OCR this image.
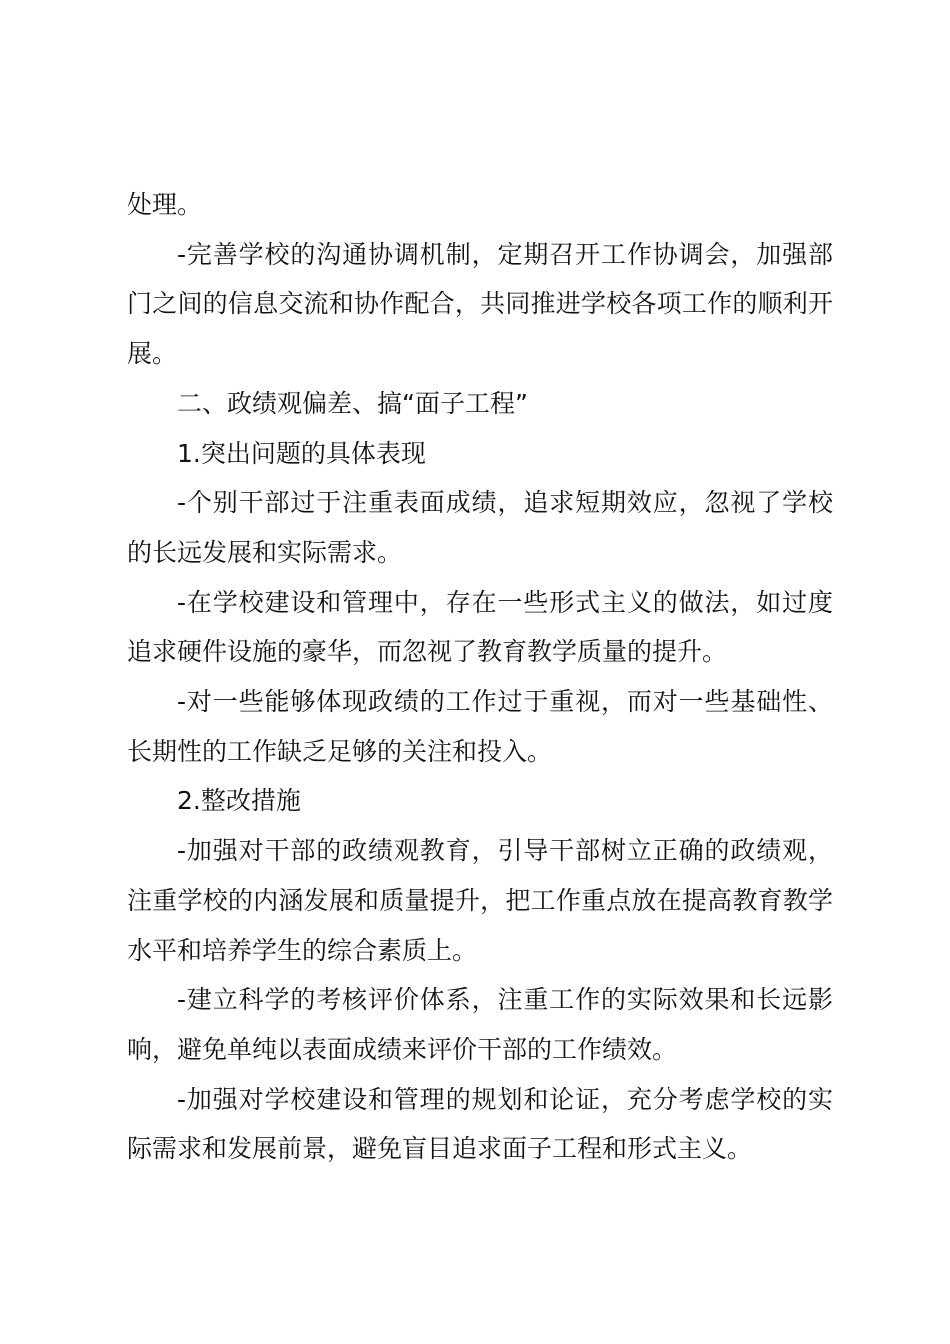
处理。

-完善学校的沟通协调机制，定期召开工作协调会，加强部门之间的信息交流和协作配合，共同推进学校各项工作的顺利开展。

二、政绩观偏差、搞“面子工程”

1.突出问题的具体表现

-个别干部过于注重表面成绩，追求短期效应，忽视了学校的长远发展和实际需求。

-在学校建设和管理中，存在一些形式主义的做法，如过度追求硬件设施的豪华，而忽视了教育教学质量的提升。

-对一些能够体现政绩的工作过于重视，而对一些基础性、长期性的工作缺乏足够的关注和投入。

2.整改措施

-加强对干部的政绩观教育，引导干部树立正确的政绩观，注重学校的内涵发展和质量提升，把工作重点放在提高教育教学水平和培养学生的综合素质上。

-建立科学的考核评价体系，注重工作的实际效果和长远影响，避免单纯以表面成绩来评价干部的工作绩效。

-加强对学校建设和管理的规划和论证，充分考虑学校的实际需求和发展前景，避免盲目追求面子工程和形式主义。
